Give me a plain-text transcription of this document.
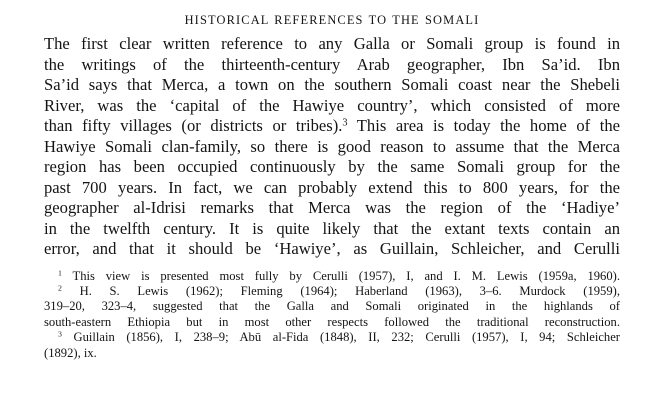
HISTORICAL REFERENCES TO THE SOMALI
The first clear written reference to any Galla or Somali group is found in
the writings of the thirteenth-century Arab geographer, Ibn Sa’id. Ibn
Sa’id says that Merca, a town on the southern Somali coast near the Shebeli
River, was the ‘capital of the Hawiye country’, which consisted of more
than fifty villages (or districts or tribes).$^3$ This area is today the home of the
Hawiye Somali clan-family, so there is good reason to assume that the Merca
region has been occupied continuously by the same Somali group for the
past 700 years. In fact, we can probably extend this to 800 years, for the
geographer al-Idrisi remarks that Merca was the region of the ‘Hadiye’
in the twelfth century. It is quite likely that the extant texts contain an
error, and that it should be ‘Hawiye’, as Guillain, Schleicher, and Cerulli
$^1$ This view is presented most fully by Cerulli (1957), I, and I. M. Lewis (1959a, 1960).
$^2$ H. S. Lewis (1962); Fleming (1964); Haberland (1963), 3–6. Murdock (1959),
319–20, 323–4, suggested that the Galla and Somali originated in the highlands of
south-eastern Ethiopia but in most other respects followed the traditional reconstruction.
$^3$ Guillain (1856), I, 238–9; Abū al-Fida (1848), II, 232; Cerulli (1957), I, 94; Schleicher
(1892), ix.
